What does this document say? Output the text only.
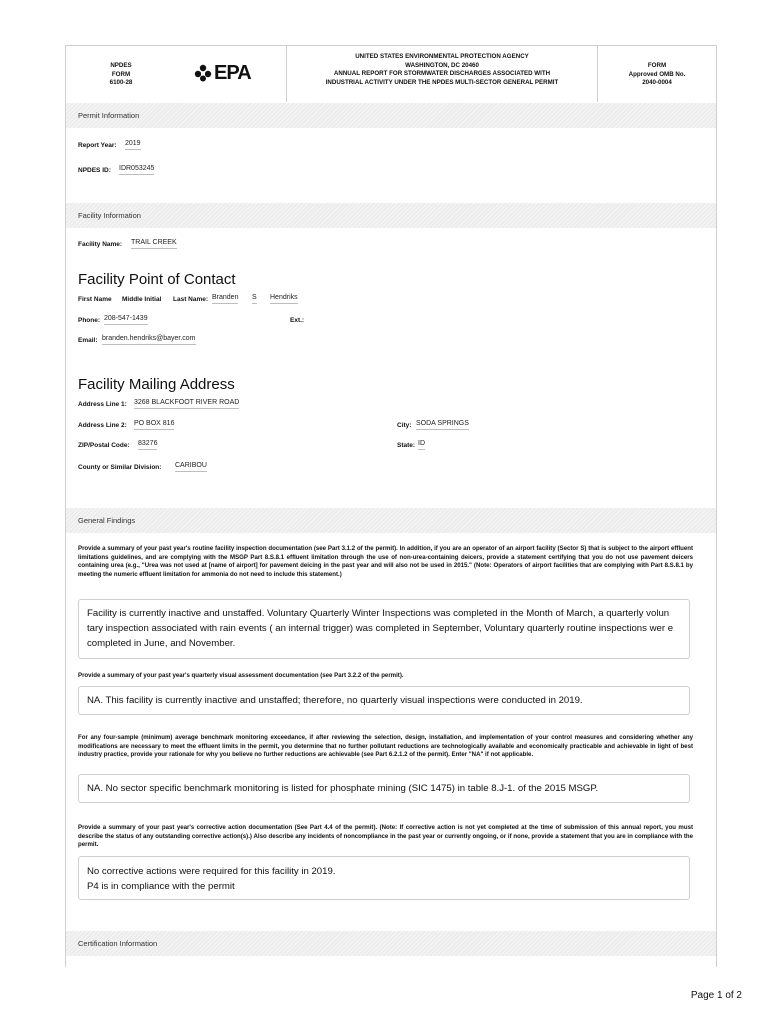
NPDES
FORM
6100-28	EPA
UNITED STATES ENVIRONMENTAL PROTECTION AGENCY
WASHINGTON, DC 20460
ANNUAL REPORT FOR STORMWATER DISCHARGES ASSOCIATED WITH
INDUSTRIAL ACTIVITY UNDER THE NPDES MULTI-SECTOR GENERAL PERMIT
FORM
Approved OMB No.
2040-0004
Permit Information
Report Year: 2019
NPDES ID: IDR053245
Facility Information
Facility Name: TRAIL CREEK
Facility Point of Contact
First Name Middle Initial Last Name: Branden S Hendriks
Phone: 208-547-1439	Ext.:
Email: branden.hendriks@bayer.com
Facility Mailing Address
Address Line 1: 3268 BLACKFOOT RIVER ROAD
Address Line 2: PO BOX 816	City: SODA SPRINGS
ZIP/Postal Code: 83276	State: ID
County or Similar Division: CARIBOU
General Findings
Provide a summary of your past year's routine facility inspection documentation (see Part 3.1.2 of the permit). In addition, if you are an operator of an airport facility (Sector S) that is subject to the airport effluent limitations guidelines, and are complying with the MSGP Part 8.S.8.1 effluent limitation through the use of non-urea-containing deicers, provide a statement certifying that you do not use pavement deicers containing urea (e.g., "Urea was not used at [name of airport] for pavement deicing in the past year and will also not be used in 2015." (Note: Operators of airport facilities that are complying with Part 8.S.8.1 by meeting the numeric effluent limitation for ammonia do not need to include this statement.)
Facility is currently inactive and unstaffed. Voluntary Quarterly Winter Inspections was completed in the Month of March, a quarterly volun tary inspection associated with rain events ( an internal trigger) was completed in September, Voluntary quarterly routine inspections wer e completed in June, and November.
Provide a summary of your past year's quarterly visual assessment documentation (see Part 3.2.2 of the permit).
NA. This facility is currently inactive and unstaffed; therefore, no quarterly visual inspections were conducted in 2019.
For any four-sample (minimum) average benchmark monitoring exceedance, if after reviewing the selection, design, installation, and implementation of your control measures and considering whether any modifications are necessary to meet the effluent limits in the permit, you determine that no further pollutant reductions are technologically available and economically practicable and achievable in light of best industry practice, provide your rationale for why you believe no further reductions are achievable (see Part 6.2.1.2 of the permit). Enter "NA" if not applicable.
NA. No sector specific benchmark monitoring is listed for phosphate mining (SIC 1475) in table 8.J-1. of the 2015 MSGP.
Provide a summary of your past year's corrective action documentation (See Part 4.4 of the permit). (Note: If corrective action is not yet completed at the time of submission of this annual report, you must describe the status of any outstanding corrective action(s).) Also describe any incidents of noncompliance in the past year or currently ongoing, or if none, provide a statement that you are in compliance with the permit.
No corrective actions were required for this facility in 2019.
P4 is in compliance with the permit
Certification Information
Page 1 of 2
